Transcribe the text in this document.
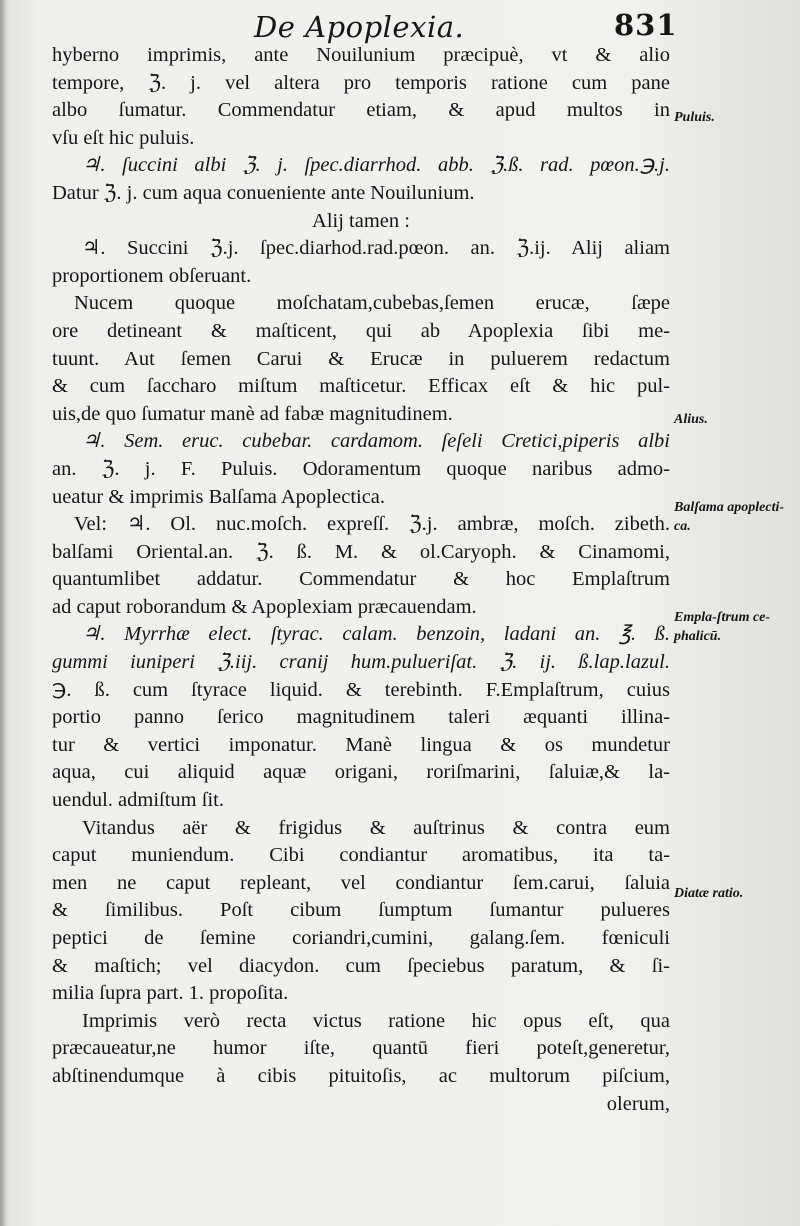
De Apoplexia.	831
hyberno imprimis, ante Nouilunium præcipuè, vt & alio
tempore, ℨ. j. vel altera pro temporis ratione cum pane
albo ſumatur. Commendatur etiam, & apud multos in
vſu eſt hic puluis.
♃. ſuccini albi ℨ. j. ſpec.diarrhod. abb. ℨ.ß. rad. pœon.℈.j.
Datur ℨ. j. cum aqua conueniente ante Nouilunium.
Alij tamen :
♃. Succini ℨ.j. ſpec.diarhod.rad.pœon. an. ℨ.ij. Alij aliam
proportionem obſeruant.
Nucem quoque moſchatam,cubebas,ſemen erucæ, ſæpe
ore detineant & maſticent, qui ab Apoplexia ſibi me-
tuunt. Aut ſemen Carui & Erucæ in puluerem redactum
& cum ſaccharo miſtum maſticetur. Efficax eſt & hic pul-
uis,de quo ſumatur manè ad fabæ magnitudinem.
♃. Sem. eruc. cubebar. cardamom. ſeſeli Cretici,piperis albi
an. ℨ. j. F. Puluis. Odoramentum quoque naribus admo-
ueatur & imprimis Balſama Apoplectica.
Vel: ♃. Ol. nuc.moſch. expreſſ. ℨ.j. ambræ, moſch. zibeth.
balſami Oriental.an. ℨ. ß. M. & ol.Caryoph. & Cinamomi,
quantumlibet addatur. Commendatur & hoc Emplaſtrum
ad caput roborandum & Apoplexiam præcauendam.
♃. Myrrhæ elect. ſtyrac. calam. benzoin, ladani an. ℥. ß.
gummi iuniperi ℨ.iij. cranij hum.pulueriſat. ℨ. ij. ß.lap.lazul.
℈. ß. cum ſtyrace liquid. & terebinth. F.Emplaſtrum, cuius
portio panno ſerico magnitudinem taleri æquanti illina-
tur & vertici imponatur. Manè lingua & os mundetur
aqua, cui aliquid aquæ origani, roriſmarini, ſaluiæ,& la-
uendul. admiſtum ſit.
Vitandus aër & frigidus & auſtrinus & contra eum
caput muniendum. Cibi condiantur aromatibus, ita ta-
men ne caput repleant, vel condiantur ſem.carui, ſaluia
& ſimilibus. Poſt cibum ſumptum ſumantur pulueres
peptici de ſemine coriandri,cumini, galang.ſem. fœniculi
& maſtich; vel diacydon. cum ſpeciebus paratum, & ſi-
milia ſupra part. 1. propoſita.
Imprimis verò recta victus ratione hic opus eſt, qua
præcaueatur,ne humor iſte, quantū fieri poteſt,generetur,
abſtinendumque à cibis pituitoſis, ac multorum piſcium,
olerum,
Puluis.
Alius.
Balſama apoplecti-ca.
Empla-ſtrum ce-phalicū.
Diatæ ratio.
